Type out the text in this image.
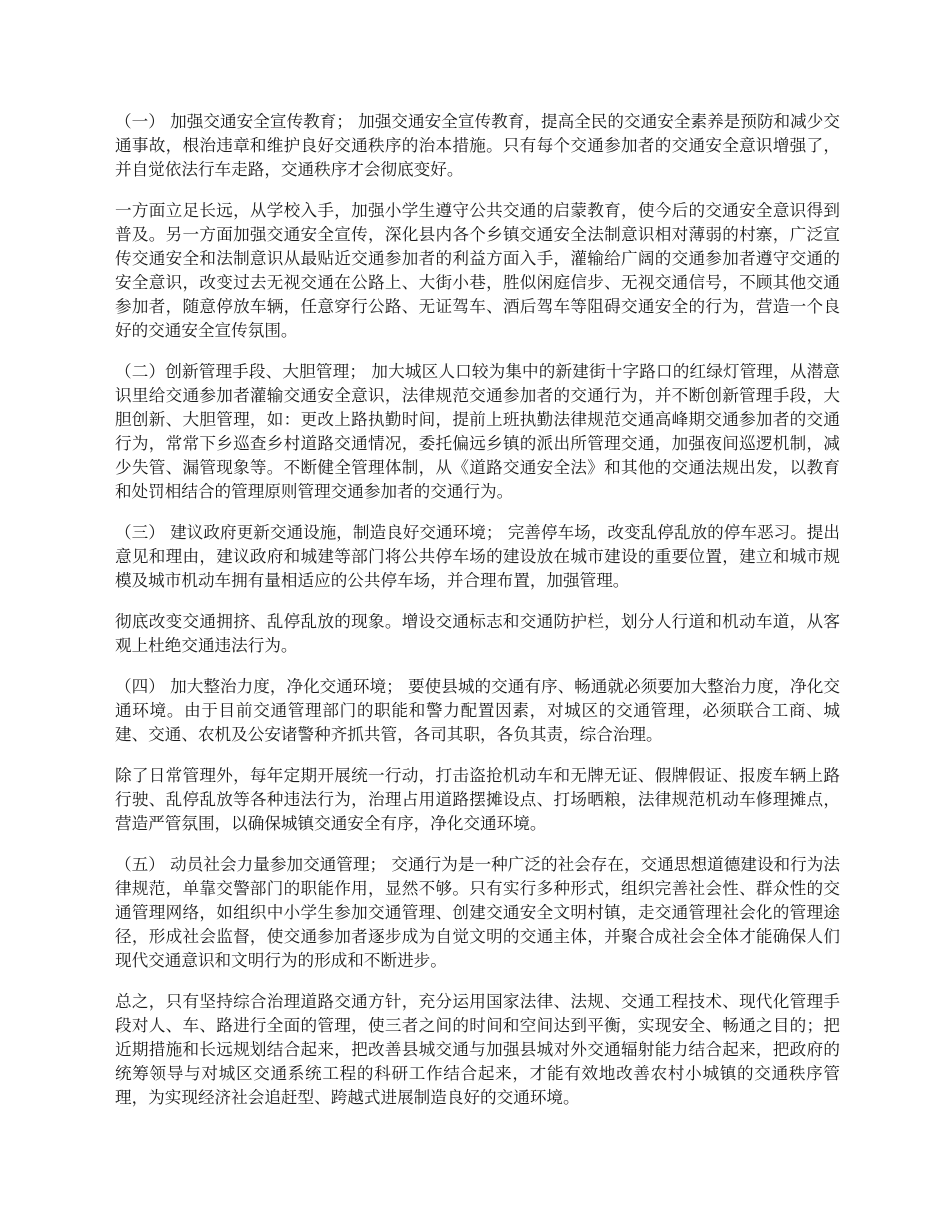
（一） 加强交通安全宣传教育； 加强交通安全宣传教育，提高全民的交通安全素养是预防和减少交通事故，根治违章和维护良好交通秩序的治本措施。只有每个交通参加者的交通安全意识增强了，并自觉依法行车走路，交通秩序才会彻底变好。

一方面立足长远，从学校入手，加强小学生遵守公共交通的启蒙教育，使今后的交通安全意识得到普及。另一方面加强交通安全宣传，深化县内各个乡镇交通安全法制意识相对薄弱的村寨，广泛宣传交通安全和法制意识从最贴近交通参加者的利益方面入手，灌输给广阔的交通参加者遵守交通的安全意识，改变过去无视交通在公路上、大街小巷，胜似闲庭信步、无视交通信号，不顾其他交通参加者，随意停放车辆，任意穿行公路、无证驾车、酒后驾车等阻碍交通安全的行为，营造一个良好的交通安全宣传氛围。

（二）创新管理手段、大胆管理； 加大城区人口较为集中的新建街十字路口的红绿灯管理，从潜意识里给交通参加者灌输交通安全意识，法律规范交通参加者的交通行为，并不断创新管理手段，大胆创新、大胆管理，如：更改上路执勤时间，提前上班执勤法律规范交通高峰期交通参加者的交通行为，常常下乡巡查乡村道路交通情况，委托偏远乡镇的派出所管理交通，加强夜间巡逻机制，减少失管、漏管现象等。不断健全管理体制，从《道路交通安全法》和其他的交通法规出发，以教育和处罚相结合的管理原则管理交通参加者的交通行为。

（三） 建议政府更新交通设施，制造良好交通环境； 完善停车场，改变乱停乱放的停车恶习。提出意见和理由，建议政府和城建等部门将公共停车场的建设放在城市建设的重要位置，建立和城市规模及城市机动车拥有量相适应的公共停车场，并合理布置，加强管理。

彻底改变交通拥挤、乱停乱放的现象。增设交通标志和交通防护栏，划分人行道和机动车道，从客观上杜绝交通违法行为。

（四） 加大整治力度，净化交通环境； 要使县城的交通有序、畅通就必须要加大整治力度，净化交通环境。由于目前交通管理部门的职能和警力配置因素，对城区的交通管理，必须联合工商、城建、交通、农机及公安诸警种齐抓共管，各司其职，各负其责，综合治理。

除了日常管理外，每年定期开展统一行动，打击盗抢机动车和无牌无证、假牌假证、报废车辆上路行驶、乱停乱放等各种违法行为，治理占用道路摆摊设点、打场晒粮，法律规范机动车修理摊点，营造严管氛围，以确保城镇交通安全有序，净化交通环境。

（五） 动员社会力量参加交通管理； 交通行为是一种广泛的社会存在，交通思想道德建设和行为法律规范，单靠交警部门的职能作用，显然不够。只有实行多种形式，组织完善社会性、群众性的交通管理网络，如组织中小学生参加交通管理、创建交通安全文明村镇，走交通管理社会化的管理途径，形成社会监督，使交通参加者逐步成为自觉文明的交通主体，并聚合成社会全体才能确保人们现代交通意识和文明行为的形成和不断进步。

总之，只有坚持综合治理道路交通方针，充分运用国家法律、法规、交通工程技术、现代化管理手段对人、车、路进行全面的管理，使三者之间的时间和空间达到平衡，实现安全、畅通之目的；把近期措施和长远规划结合起来，把改善县城交通与加强县城对外交通辐射能力结合起来，把政府的统筹领导与对城区交通系统工程的科研工作结合起来，才能有效地改善农村小城镇的交通秩序管理，为实现经济社会追赶型、跨越式进展制造良好的交通环境。
